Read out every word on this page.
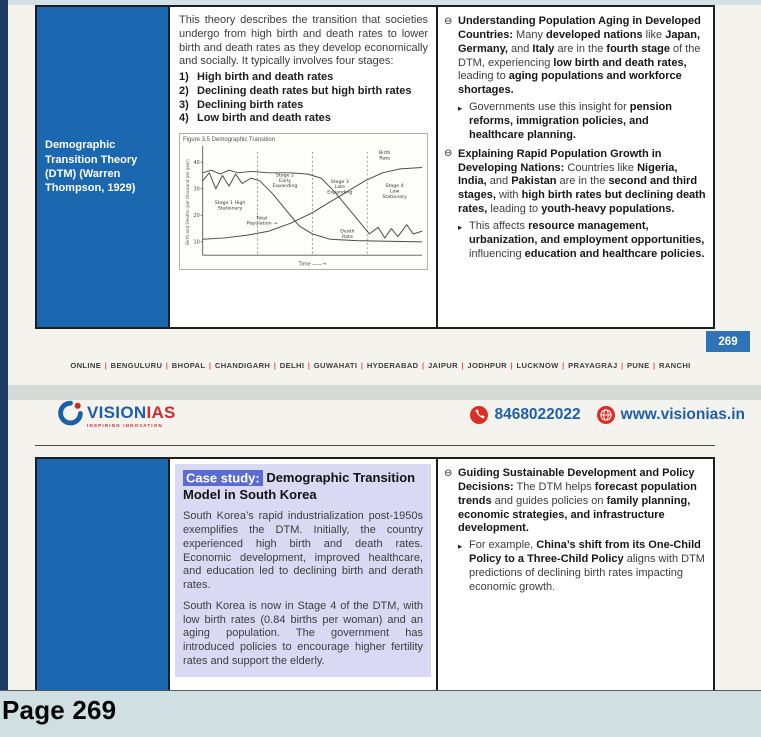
Demographic Transition Theory (DTM) (Warren Thompson, 1929)
This theory describes the transition that societies undergo from high birth and death rates to lower birth and death rates as they develop economically and socially. It typically involves four stages:
1) High birth and death rates
2) Declining death rates but high birth rates
3) Declining birth rates
4) Low birth and death rates
Figure 3.5 Demographic Transition
10
20
30
40
Birth and Deaths (per thousand per year)	Stage 1 High Stationary
Stage 2 Early Expanding
Stage 3 Late Expanding
Stage 4 Low Stationary
Birth Rate
Death Rate
Total Population →
Time ——→
⊖ Understanding Population Aging in Developed Countries: Many developed nations like Japan, Germany, and Italy are in the fourth stage of the DTM, experiencing low birth and death rates, leading to aging populations and workforce shortages.
▸ Governments use this insight for pension reforms, immigration policies, and healthcare planning.
⊖ Explaining Rapid Population Growth in Developing Nations: Countries like Nigeria, India, and Pakistan are in the second and third stages, with high birth rates but declining death rates, leading to youth-heavy populations.
▸ This affects resource management, urbanization, and employment opportunities, influencing education and healthcare policies.
269
ONLINE | BENGULURU | BHOPAL | CHANDIGARH | DELHI | GUWAHATI | HYDERABAD | JAIPUR | JODHPUR | LUCKNOW | PRAYAGRAJ | PUNE | RANCHI
VISIONIAS
INSPIRING INNOVATION
8468022022	www.visionias.in
Case study: Demographic Transition Model in South Korea
South Korea’s rapid industrialization post-1950s exemplifies the DTM. Initially, the country experienced high birth and death rates. Economic development, improved healthcare, and education led to declining birth and derath rates.
South Korea is now in Stage 4 of the DTM, with low birth rates (0.84 births per woman) and an aging population. The government has introduced policies to encourage higher fertility rates and support the elderly.
⊖ Guiding Sustainable Development and Policy Decisions: The DTM helps forecast population trends and guides policies on family planning, economic strategies, and infrastructure development.
▸ For example, China’s shift from its One-Child Policy to a Three-Child Policy aligns with DTM predictions of declining birth rates impacting economic growth.
Page 269
